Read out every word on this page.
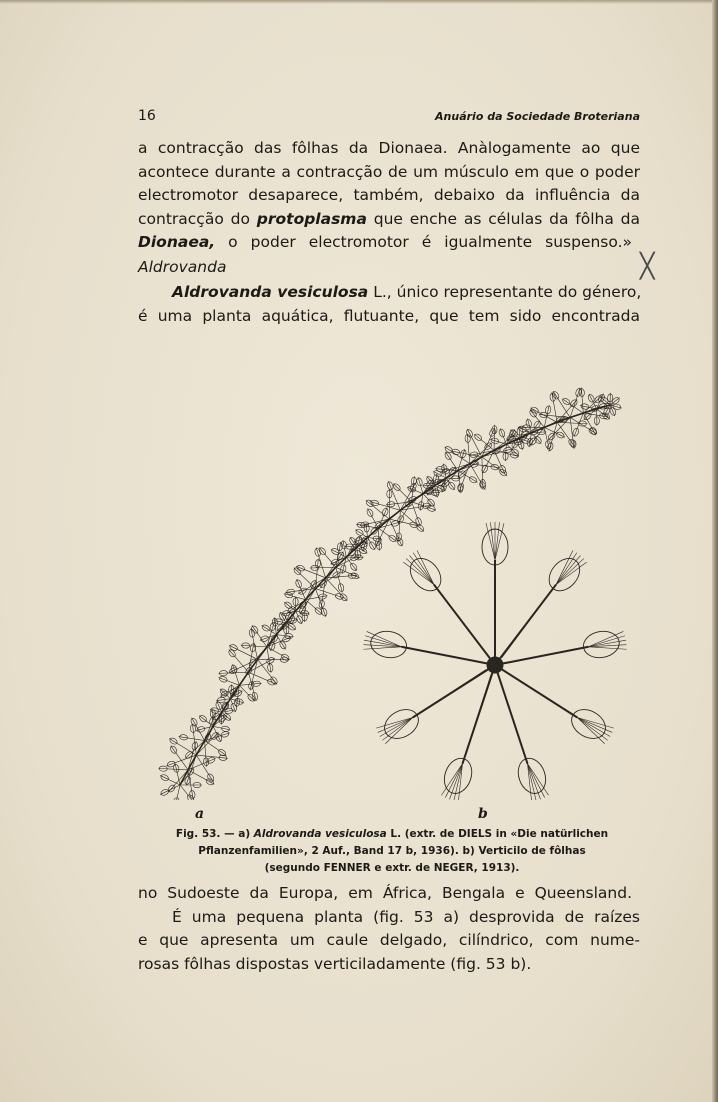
16	Anuário da Sociedade Broteriana
a contracção das fôlhas da Dionaea. Anàlogamente ao que
acontece durante a contracção de um músculo em que o poder
electromotor desaparece, também, debaixo da influência da
contracção do protoplasma que enche as células da fôlha da
Dionaea, o poder electromotor é igualmente suspenso.»
╳
Aldrovanda
Aldrovanda vesiculosa L., único representante do género,
é uma planta aquática, flutuante, que tem sido encontrada
a	b
Fig. 53. — a) Aldrovanda vesiculosa L. (extr. de DIELS in «Die natürlichen
Pflanzenfamilien», 2 Auf., Band 17 b, 1936). b) Verticilo de fôlhas
(segundo FENNER e extr. de NEGER, 1913).
no Sudoeste da Europa, em África, Bengala e Queensland.
É uma pequena planta (fig. 53 a) desprovida de raízes
e que apresenta um caule delgado, cilíndrico, com nume-
rosas fôlhas dispostas verticiladamente (fig. 53 b).
